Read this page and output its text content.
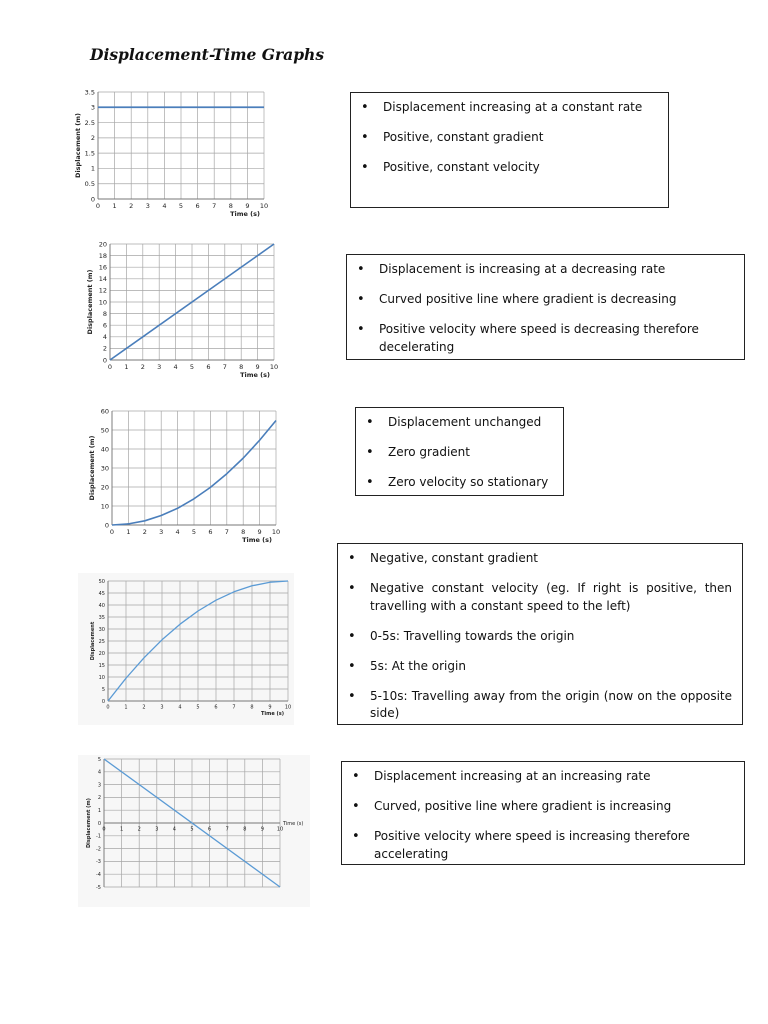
Displacement-Time Graphs
0 1 2 3 4 5 6 7 8 9 10
0
0.5
1
1.5
2
2.5
3
3.5
Time (s)
Displacement (m)
0 1 2 3 4 5 6 7 8 9 10
0
2
4
6
8
10
12
14
16
18
20
Time (s)
Displacement (m)
0 1 2 3 4 5 6 7 8 9 10
0
10
20
30
40
50
60
Time (s)
Displacement (m)
0	1	2	3	4	5	6	7	8	9	10
0
5
10
15
20
25
30
35
40
45
50
Time (s)
Displacement
0	1	2	3	4	5	6	7	8	9	10
-5
-4
-3
-2
-1
0
1
2
3
4
5
Time (s)
Displacement (m)
• Displacement increasing at a constant rate
• Positive, constant gradient
• Positive, constant velocity
• Displacement is increasing at a decreasing rate
• Curved positive line where gradient is decreasing
• Positive velocity where speed is decreasing therefore decelerating
• Displacement unchanged
• Zero gradient
• Zero velocity so stationary
• Negative, constant gradient
• Negative constant velocity (eg. If right is positive, then travelling with a constant speed to the left)
• 0-5s: Travelling towards the origin
• 5s: At the origin
• 5-10s: Travelling away from the origin (now on the opposite side)
• Displacement increasing at an increasing rate
• Curved, positive line where gradient is increasing
• Positive velocity where speed is increasing therefore accelerating
